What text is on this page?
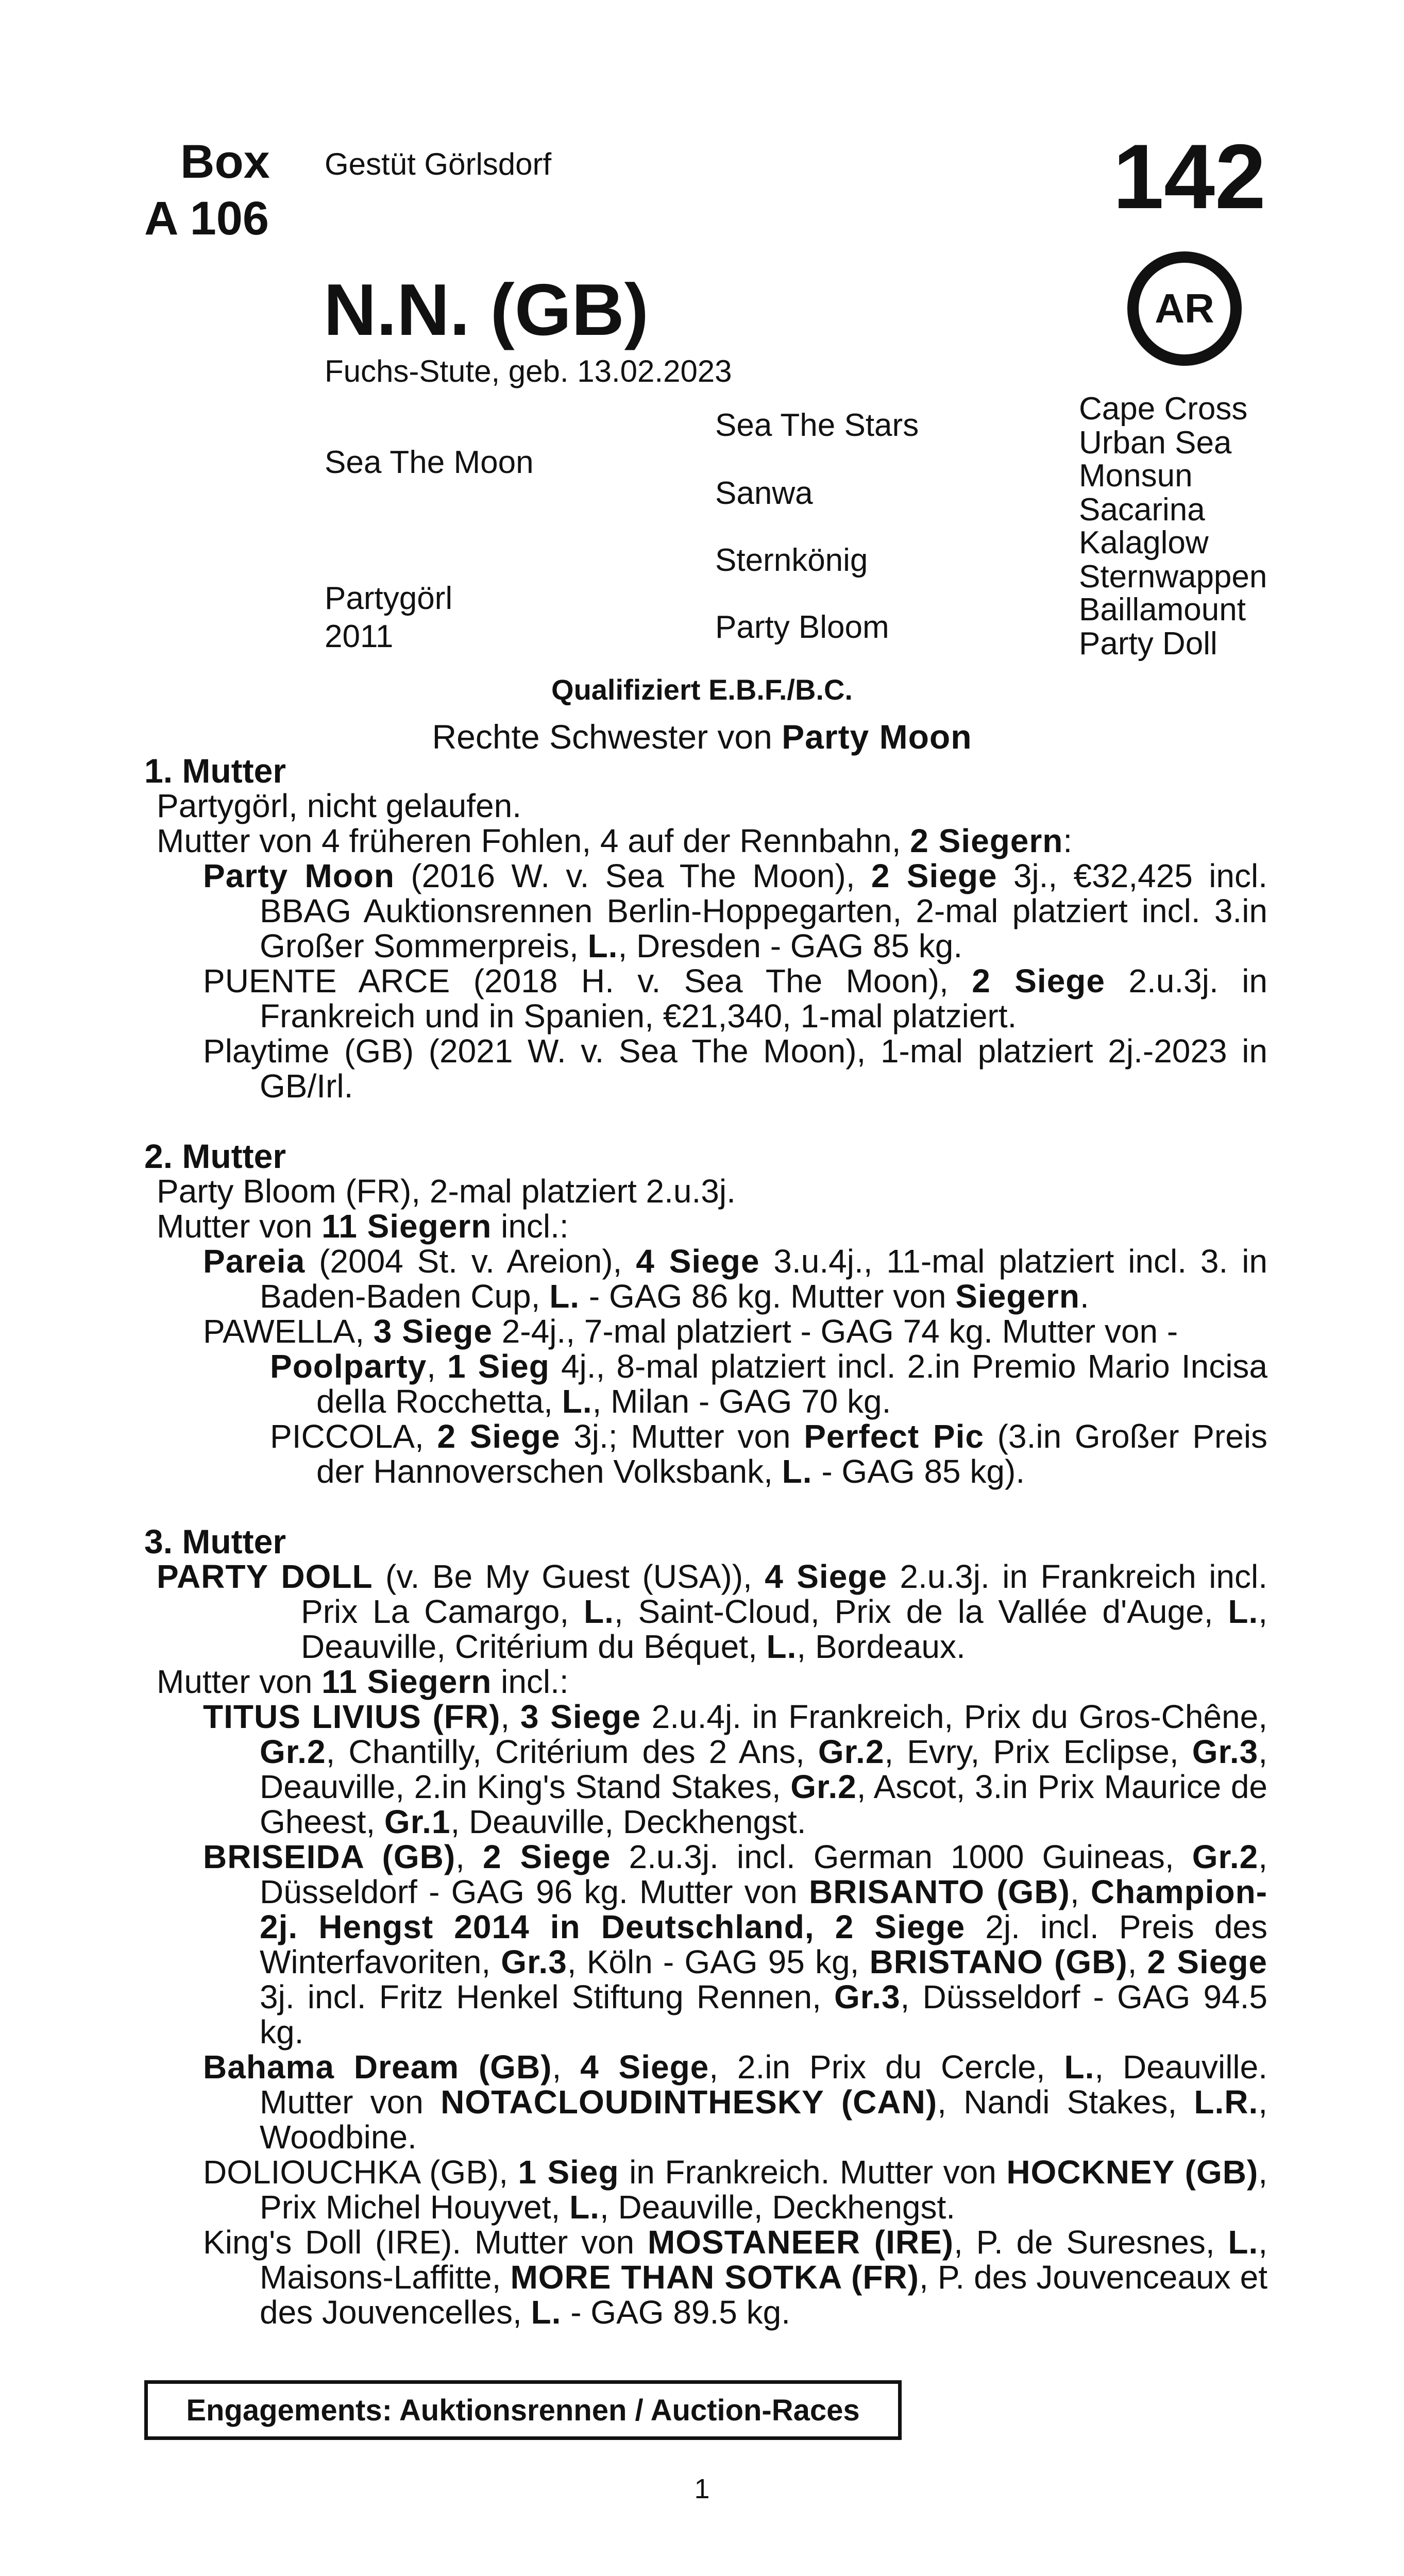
Box
A 106
Gestüt Görlsdorf	142
AR
N.N. (GB)
Fuchs-Stute, geb. 13.02.2023
Sea The Moon
Partygörl
2011
Sea The Stars
Sanwa
Sternkönig
Party Bloom
Cape Cross
Urban Sea
Monsun
Sacarina
Kalaglow
Sternwappen
Baillamount
Party Doll
Qualifiziert E.B.F./B.C.
Rechte Schwester von Party Moon

1. Mutter

Partygörl, nicht gelaufen.

Mutter von 4 früheren Fohlen, 4 auf der Rennbahn, 2 Siegern:

Party Moon (2016 W. v. Sea The Moon), 2 Siege 3j., €32,425 incl. BBAG Auktionsrennen Berlin-Hoppegarten, 2-mal platziert incl. 3.in Großer Sommerpreis, L., Dresden - GAG 85 kg.

PUENTE ARCE (2018 H. v. Sea The Moon), 2 Siege 2.u.3j. in Frankreich und in Spanien, €21,340, 1-mal platziert.

Playtime (GB) (2021 W. v. Sea The Moon), 1-mal platziert 2j.-2023 in GB/Irl.

2. Mutter

Party Bloom (FR), 2-mal platziert 2.u.3j.

Mutter von 11 Siegern incl.:

Pareia (2004 St. v. Areion), 4 Siege 3.u.4j., 11-mal platziert incl. 3. in Baden-Baden Cup, L. - GAG 86 kg. Mutter von Siegern.

PAWELLA, 3 Siege 2-4j., 7-mal platziert - GAG 74 kg. Mutter von -

Poolparty, 1 Sieg 4j., 8-mal platziert incl. 2.in Premio Mario Incisa della Rocchetta, L., Milan - GAG 70 kg.

PICCOLA, 2 Siege 3j.; Mutter von Perfect Pic (3.in Großer Preis der Hannoverschen Volksbank, L. - GAG 85 kg).

3. Mutter

PARTY DOLL (v. Be My Guest (USA)), 4 Siege 2.u.3j. in Frankreich incl. Prix La Camargo, L., Saint-Cloud, Prix de la Vallée d'Auge, L., Deauville, Critérium du Béquet, L., Bordeaux.

Mutter von 11 Siegern incl.:

TITUS LIVIUS (FR), 3 Siege 2.u.4j. in Frankreich, Prix du Gros-Chêne, Gr.2, Chantilly, Critérium des 2 Ans, Gr.2, Evry, Prix Eclipse, Gr.3, Deauville, 2.in King's Stand Stakes, Gr.2, Ascot, 3.in Prix Maurice de Gheest, Gr.1, Deauville, Deckhengst.

BRISEIDA (GB), 2 Siege 2.u.3j. incl. German 1000 Guineas, Gr.2, Düsseldorf - GAG 96 kg. Mutter von BRISANTO (GB), Champion-2j. Hengst 2014 in Deutschland, 2 Siege 2j. incl. Preis des Winterfavoriten, Gr.3, Köln - GAG 95 kg, BRISTANO (GB), 2 Siege 3j. incl. Fritz Henkel Stiftung Rennen, Gr.3, Düsseldorf - GAG 94.5 kg.

Bahama Dream (GB), 4 Siege, 2.in Prix du Cercle, L., Deauville. Mutter von NOTACLOUDINTHESKY (CAN), Nandi Stakes, L.R., Woodbine.

DOLIOUCHKA (GB), 1 Sieg in Frankreich. Mutter von HOCKNEY (GB), Prix Michel Houyvet, L., Deauville, Deckhengst.

King's Doll (IRE). Mutter von MOSTANEER (IRE), P. de Suresnes, L., Maisons-Laffitte, MORE THAN SOTKA (FR), P. des Jouvenceaux et des Jouvencelles, L. - GAG 89.5 kg.

Engagements: Auktionsrennen / Auction-Races
1
